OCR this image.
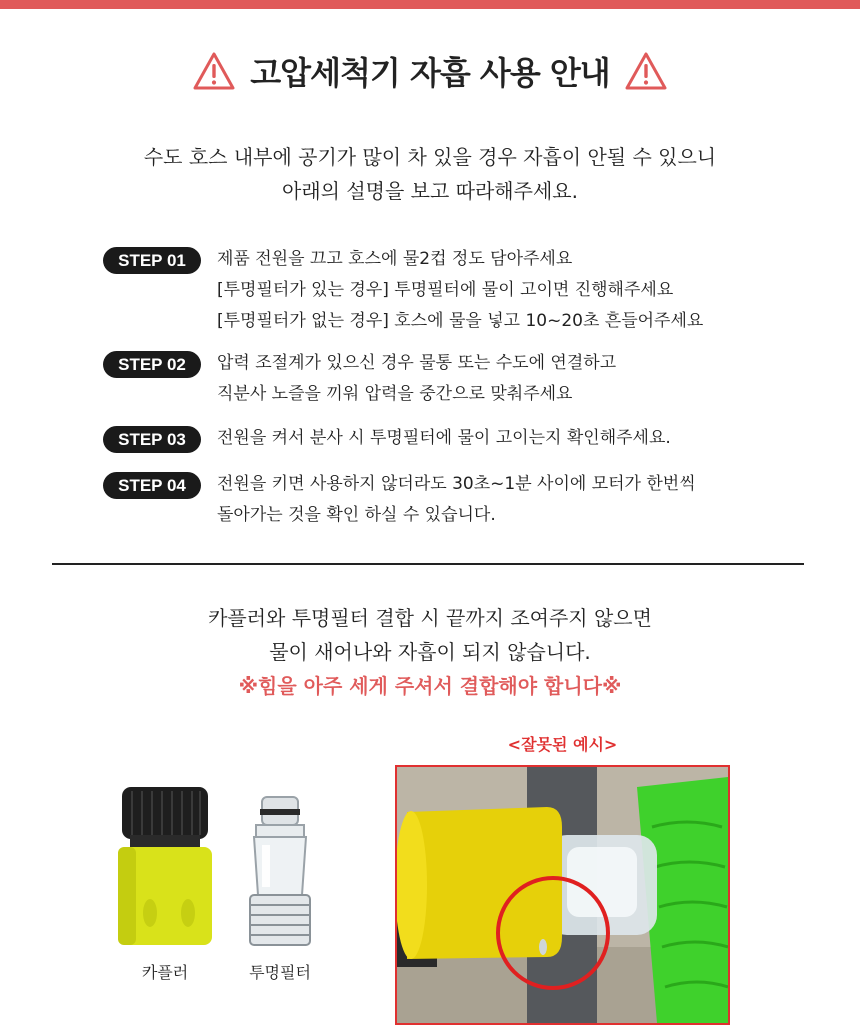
고압세척기 자흡 사용 안내
수도 호스 내부에 공기가 많이 차 있을 경우 자흡이 안될 수 있으니
아래의 설명을 보고 따라해주세요.
STEP 01	제품 전원을 끄고 호스에 물2컵 정도 담아주세요
[투명필터가 있는 경우] 투명필터에 물이 고이면 진행해주세요
[투명필터가 없는 경우] 호스에 물을 넣고 10~20초 흔들어주세요
STEP 02	압력 조절계가 있으신 경우 물통 또는 수도에 연결하고
직분사 노즐을 끼워 압력을 중간으로 맞춰주세요
STEP 03	전원을 켜서 분사 시 투명필터에 물이 고이는지 확인해주세요.
STEP 04	전원을 키면 사용하지 않더라도 30초~1분 사이에 모터가 한번씩
돌아가는 것을 확인 하실 수 있습니다.
카플러와 투명필터 결합 시 끝까지 조여주지 않으면
물이 새어나와 자흡이 되지 않습니다.
※힘을 아주 세게 주셔서 결합해야 합니다※
카플러	투명필터
<잘못된 예시>
